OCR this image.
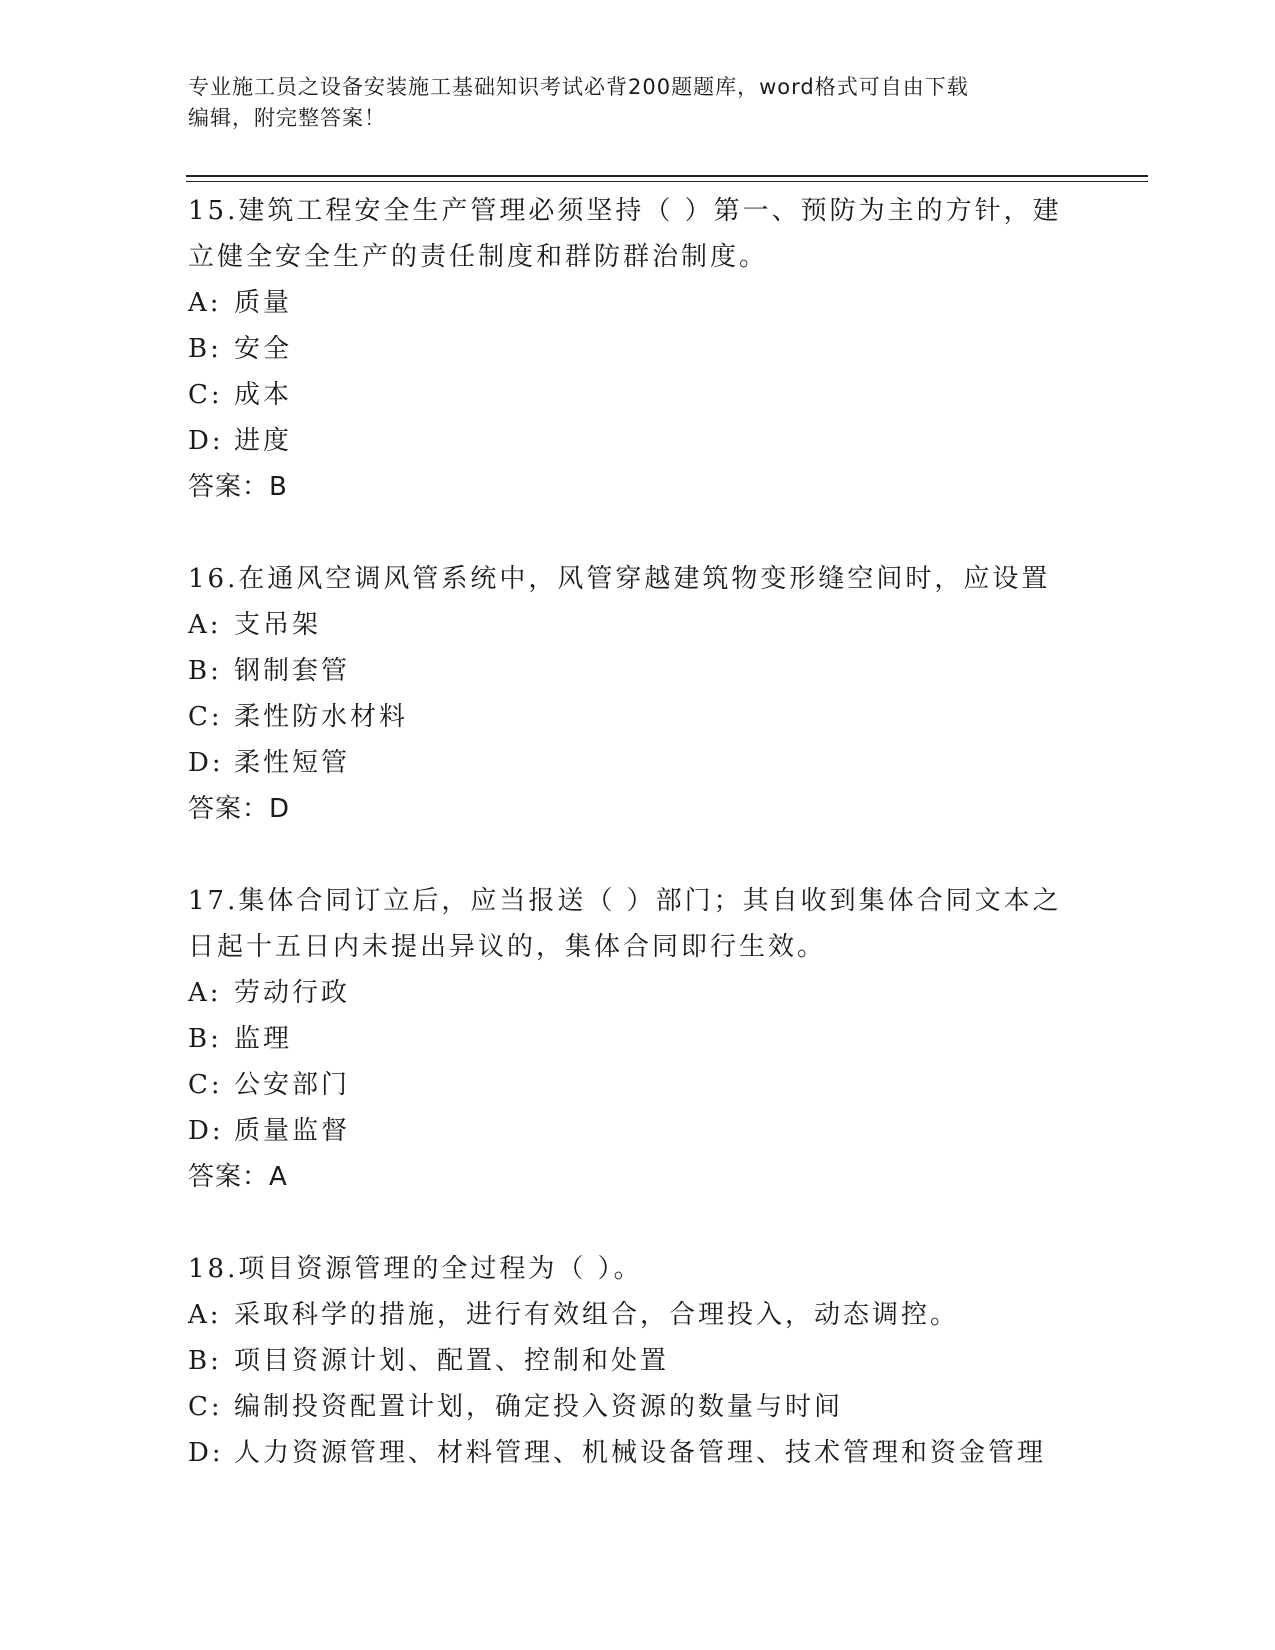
专业施工员之设备安装施工基础知识考试必背200题题库，word格式可自由下载
编辑，附完整答案！

15.建筑工程安全生产管理必须坚持（ ）第一、预防为主的方针，建立健全安全生产的责任制度和群防群治制度。

A: 质量
B: 安全
C: 成本
D: 进度
答案：B

16.在通风空调风管系统中，风管穿越建筑物变形缝空间时，应设置

A: 支吊架
B: 钢制套管
C: 柔性防水材料
D: 柔性短管
答案：D

17.集体合同订立后，应当报送（ ）部门；其自收到集体合同文本之日起十五日内未提出异议的，集体合同即行生效。

A: 劳动行政
B: 监理
C: 公安部门
D: 质量监督
答案：A

18.项目资源管理的全过程为（ ）。

A: 采取科学的措施，进行有效组合，合理投入，动态调控。
B: 项目资源计划、配置、控制和处置
C: 编制投资配置计划，确定投入资源的数量与时间
D: 人力资源管理、材料管理、机械设备管理、技术管理和资金管理
